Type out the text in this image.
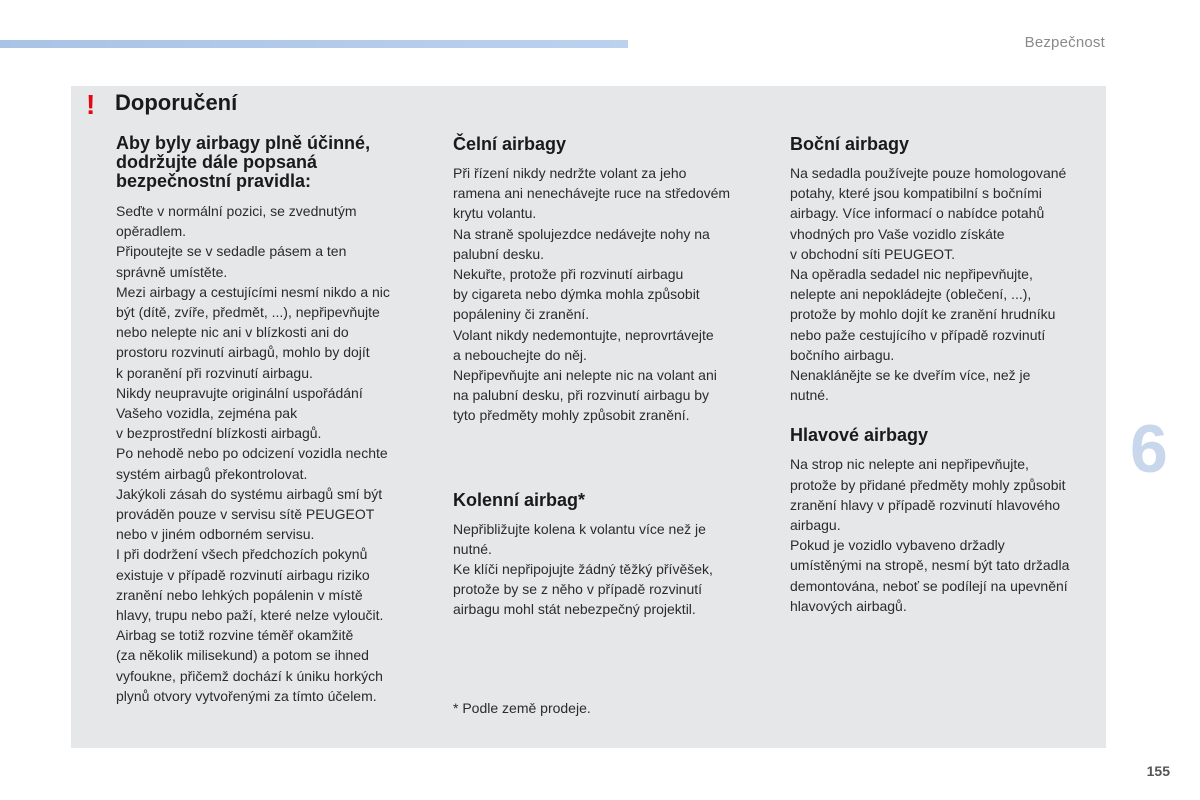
Bezpečnost
! Doporučení
Aby byly airbagy plně účinné,
dodržujte dále popsaná
bezpečnostní pravidla:

Seďte v normální pozici, se zvednutým
opěradlem.
Připoutejte se v sedadle pásem a ten
správně umístěte.
Mezi airbagy a cestujícími nesmí nikdo a nic
být (dítě, zvíře, předmět, ...), nepřipevňujte
nebo nelepte nic ani v blízkosti ani do
prostoru rozvinutí airbagů, mohlo by dojít
k poranění při rozvinutí airbagu.
Nikdy neupravujte originální uspořádání
Vašeho vozidla, zejména pak
v bezprostřední blízkosti airbagů.
Po nehodě nebo po odcizení vozidla nechte
systém airbagů překontrolovat.
Jakýkoli zásah do systému airbagů smí být
prováděn pouze v servisu sítě PEUGEOT
nebo v jiném odborném servisu.
I při dodržení všech předchozích pokynů
existuje v případě rozvinutí airbagu riziko
zranění nebo lehkých popálenin v místě
hlavy, trupu nebo paží, které nelze vyloučit.
Airbag se totiž rozvine téměř okamžitě
(za několik milisekund) a potom se ihned
vyfoukne, přičemž dochází k úniku horkých
plynů otvory vytvořenými za tímto účelem.

Čelní airbagy

Při řízení nikdy nedržte volant za jeho
ramena ani nenechávejte ruce na středovém
krytu volantu.
Na straně spolujezdce nedávejte nohy na
palubní desku.
Nekuřte, protože při rozvinutí airbagu
by cigareta nebo dýmka mohla způsobit
popáleniny či zranění.
Volant nikdy nedemontujte, neprovrtávejte
a nebouchejte do něj.
Nepřipevňujte ani nelepte nic na volant ani
na palubní desku, při rozvinutí airbagu by
tyto předměty mohly způsobit zranění.

Kolenní airbag*

Nepřibližujte kolena k volantu více než je
nutné.

Ke klíči nepřipojujte žádný těžký přívěšek,
protože by se z něho v případě rozvinutí
airbagu mohl stát nebezpečný projektil.

* Podle země prodeje.
Boční airbagy

Na sedadla používejte pouze homologované
potahy, které jsou kompatibilní s bočními
airbagy. Více informací o nabídce potahů
vhodných pro Vaše vozidlo získáte
v obchodní síti PEUGEOT.
Na opěradla sedadel nic nepřipevňujte,
nelepte ani nepokládejte (oblečení, ...),
protože by mohlo dojít ke zranění hrudníku
nebo paže cestujícího v případě rozvinutí
bočního airbagu.
Nenaklánějte se ke dveřím více, než je
nutné.

Hlavové airbagy

Na strop nic nelepte ani nepřipevňujte,
protože by přidané předměty mohly způsobit
zranění hlavy v případě rozvinutí hlavového
airbagu.
Pokud je vozidlo vybaveno držadly
umístěnými na stropě, nesmí být tato držadla
demontována, neboť se podílejí na upevnění
hlavových airbagů.

6
155
